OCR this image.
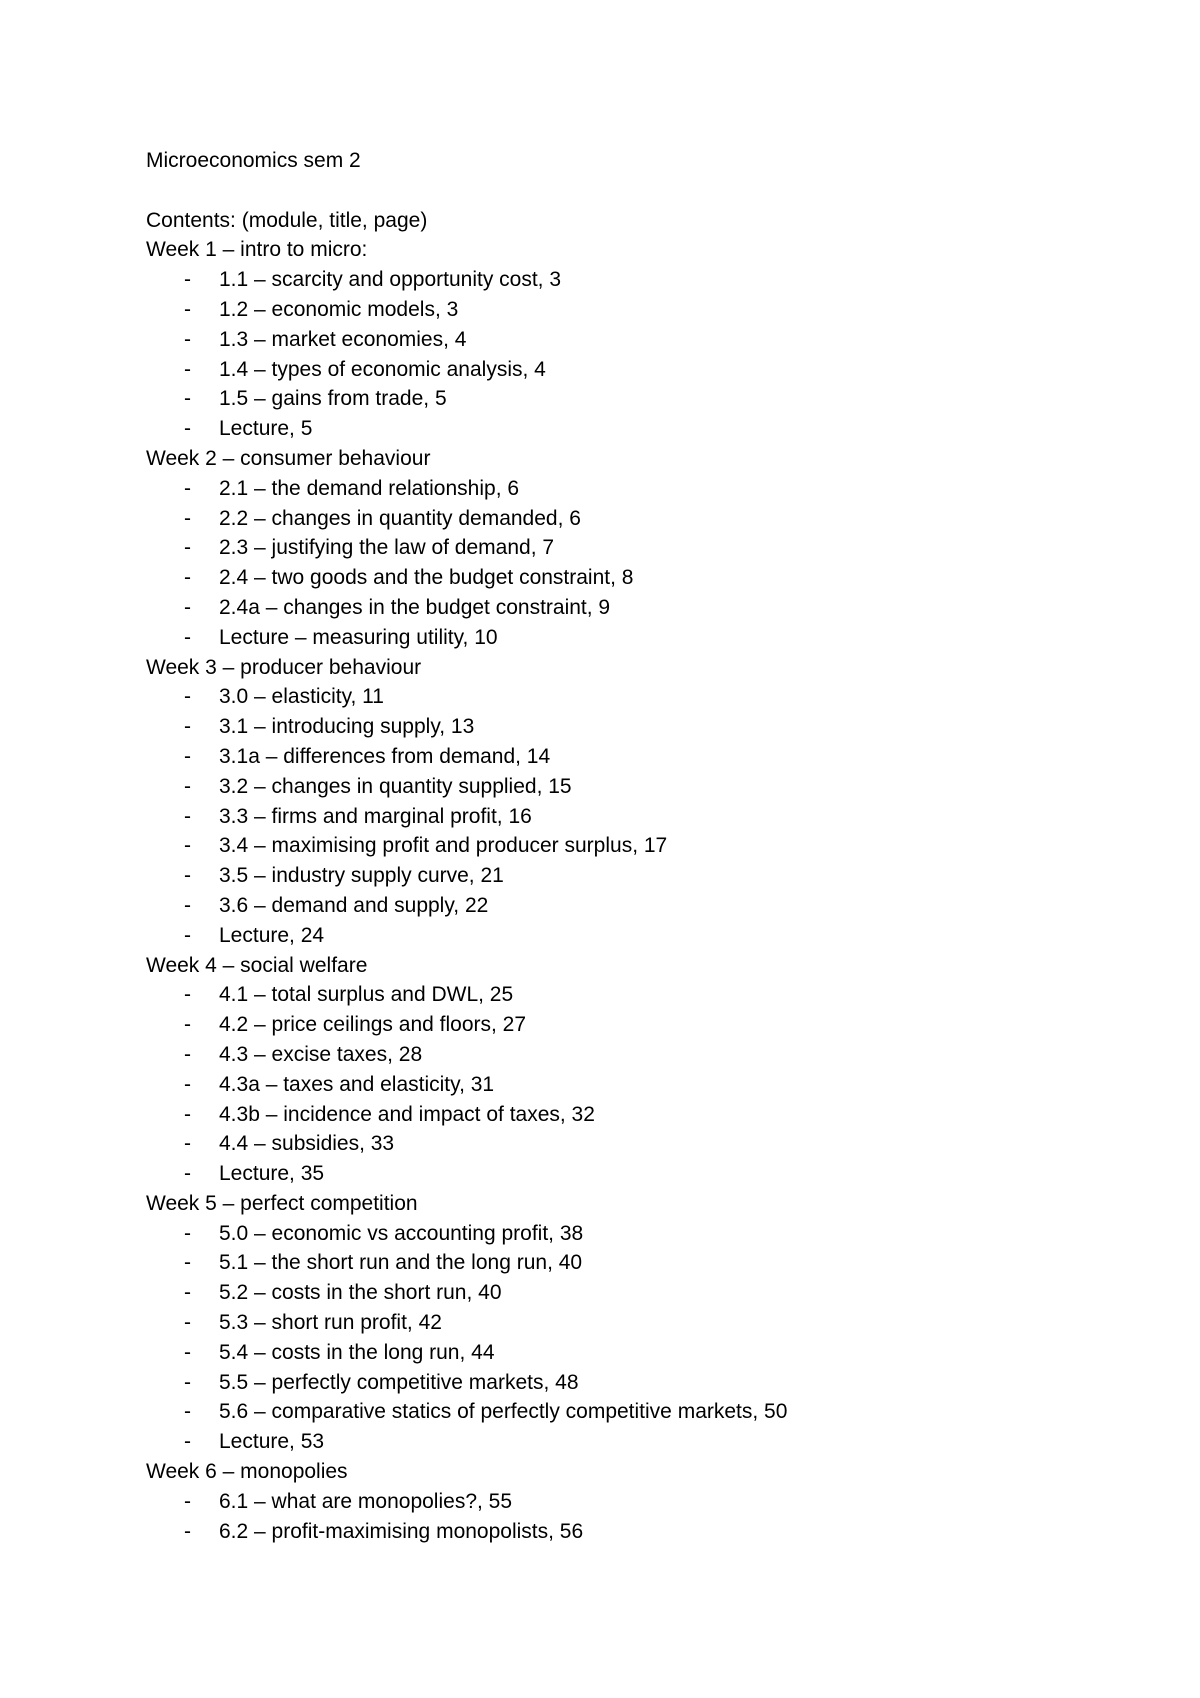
Microeconomics sem 2
Contents: (module, title, page)
Week 1 – intro to micro:
- 1.1 – scarcity and opportunity cost, 3
- 1.2 – economic models, 3
- 1.3 – market economies, 4
- 1.4 – types of economic analysis, 4
- 1.5 – gains from trade, 5
- Lecture, 5
Week 2 – consumer behaviour
- 2.1 – the demand relationship, 6
- 2.2 – changes in quantity demanded, 6
- 2.3 – justifying the law of demand, 7
- 2.4 – two goods and the budget constraint, 8
- 2.4a – changes in the budget constraint, 9
- Lecture – measuring utility, 10
Week 3 – producer behaviour
- 3.0 – elasticity, 11
- 3.1 – introducing supply, 13
- 3.1a – differences from demand, 14
- 3.2 – changes in quantity supplied, 15
- 3.3 – firms and marginal profit, 16
- 3.4 – maximising profit and producer surplus, 17
- 3.5 – industry supply curve, 21
- 3.6 – demand and supply, 22
- Lecture, 24
Week 4 – social welfare
- 4.1 – total surplus and DWL, 25
- 4.2 – price ceilings and floors, 27
- 4.3 – excise taxes, 28
- 4.3a – taxes and elasticity, 31
- 4.3b – incidence and impact of taxes, 32
- 4.4 – subsidies, 33
- Lecture, 35
Week 5 – perfect competition
- 5.0 – economic vs accounting profit, 38
- 5.1 – the short run and the long run, 40
- 5.2 – costs in the short run, 40
- 5.3 – short run profit, 42
- 5.4 – costs in the long run, 44
- 5.5 – perfectly competitive markets, 48
- 5.6 – comparative statics of perfectly competitive markets, 50
- Lecture, 53
Week 6 – monopolies
- 6.1 – what are monopolies?, 55
- 6.2 – profit-maximising monopolists, 56
